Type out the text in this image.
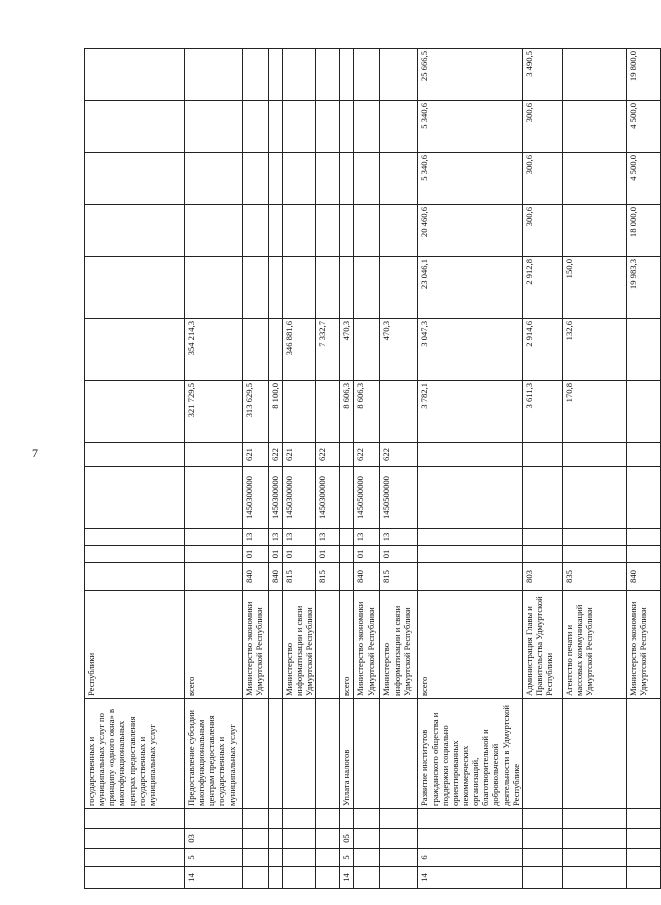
7
				государственных и муниципальных услуг по принципу «одного окна» в многофункциональных центрах предоставления государственных и муниципальных услуг	Республики												
14	5	03		Предоставление субсидии многофункциональным центрам предоставления государственных и муниципальных услуг	всего						321 729,5	354 214,3					
					Министерство экономики Удмуртской Республики	840	01	13	1450300000	621	313 629,5						
						840	01	13	1450300000	622	8 100,0						
					Министерство информатизации и связи Удмуртской Республики	815	01	13	1450300000	621		346 881,6					
						815	01	13	1450300000	622		7 332,7					
14	5	05		Уплата налогов	всего						8 606,3	470,3					
					Министерство экономики Удмуртской Республики	840	01	13	1450500000	622	8 606,3						
					Министерство информатизации и связи Удмуртской Республики	815	01	13	1450500000	622		470,3					
14	6			Развитие институтов гражданского общества и поддержки социально ориентированных некоммерческих организаций, благотворительной и добровольческой деятельности в Удмуртской Республике	всего						3 782,1	3 047,3	23 046,1	20 460,6	5 340,6	5 340,6	25 666,5
					Администрация Главы и Правительства Удмуртской Республики	803					3 611,3	2 914,6	2 912,8	300,6	300,6	300,6	3 490,5
					Агентство печати и массовых коммуникаций Удмуртской Республики	835					170,8	132,6	150,0				
					Министерство экономики Удмуртской Республики	840							19 983,3	18 000,0	4 500,0	4 500,0	19 800,0
